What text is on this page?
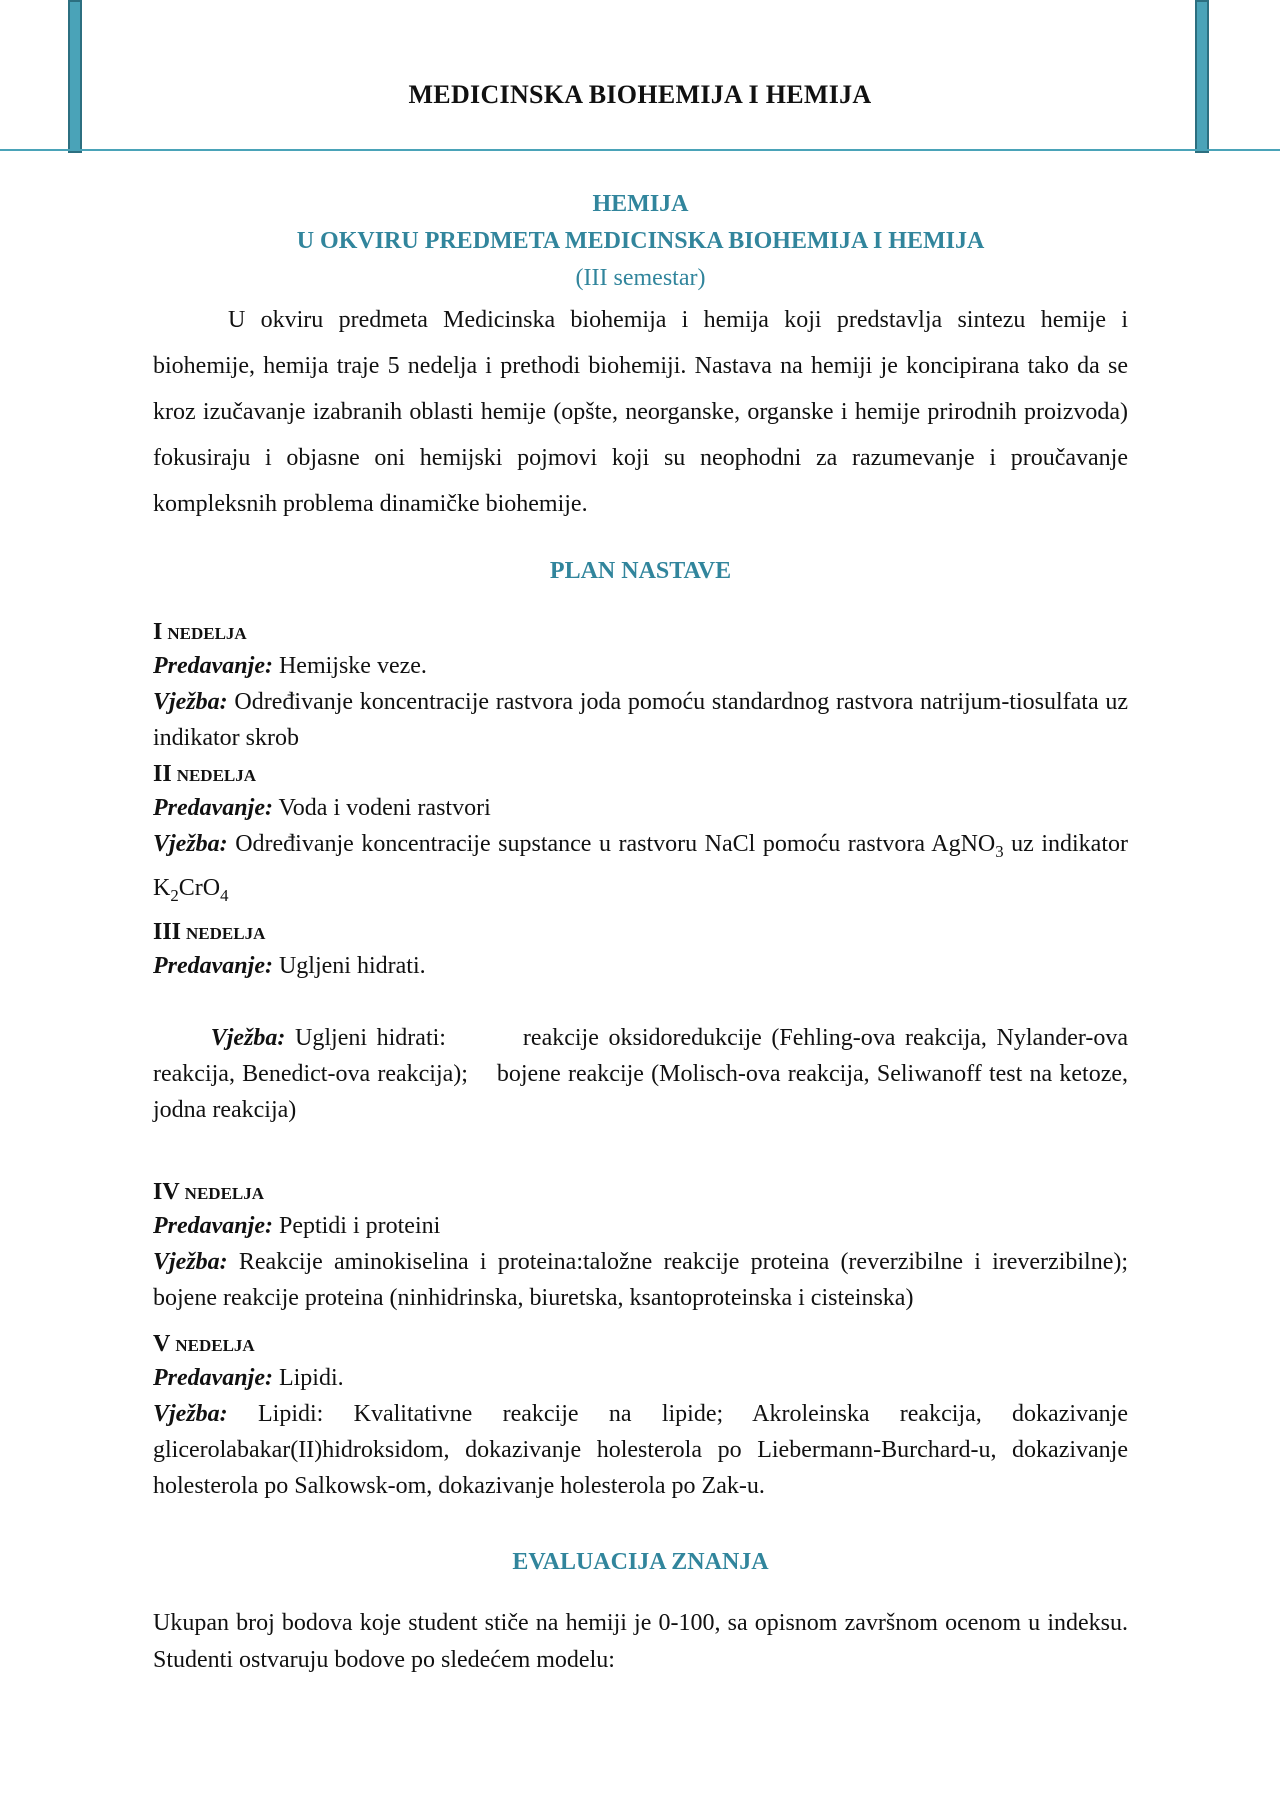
MEDICINSKA BIOHEMIJA I HEMIJA
HEMIJA
U OKVIRU PREDMETA MEDICINSKA BIOHEMIJA I HEMIJA
(III semestar)

U okviru predmeta Medicinska biohemija i hemija koji predstavlja sintezu hemije i biohemije, hemija traje 5 nedelja i prethodi biohemiji. Nastava na hemiji je koncipirana tako da se kroz izučavanje izabranih oblasti hemije (opšte, neorganske, organske i hemije prirodnih proizvoda) fokusiraju i objasne oni hemijski pojmovi koji su neophodni za razumevanje i proučavanje kompleksnih problema dinamičke biohemije.

PLAN NASTAVE
I NEDELJA

Predavanje: Hemijske veze.

Vježba: Određivanje koncentracije rastvora joda pomoću standardnog rastvora natrijum-tiosulfata uz indikator skrob

II NEDELJA

Predavanje: Voda i vodeni rastvori

Vježba: Određivanje koncentracije supstance u rastvoru NaCl pomoću rastvora AgNO$_3$ uz indikator $K_2CrO_4$

III NEDELJA

Predavanje: Ugljeni hidrati.

Vježba: Ugljeni hidrati:        reakcije oksidoredukcije (Fehling-ova reakcija, Nylander-ova reakcija, Benedict-ova reakcija);    bojene reakcije (Molisch-ova reakcija, Seliwanoff test na ketoze, jodna reakcija)

IV NEDELJA

Predavanje: Peptidi i proteini

Vježba: Reakcije aminokiselina i proteina:taložne reakcije proteina (reverzibilne i ireverzibilne); bojene reakcije proteina (ninhidrinska, biuretska, ksantoproteinska i cisteinska)

V NEDELJA

Predavanje: Lipidi.

Vježba: Lipidi: Kvalitativne reakcije na lipide; Akroleinska reakcija, dokazivanje glicerolabakar(II)hidroksidom, dokazivanje holesterola po Liebermann-Burchard-u, dokazivanje holesterola po Salkowsk-om, dokazivanje holesterola po Zak-u.

EVALUACIJA ZNANJA

Ukupan broj bodova koje student stiče na hemiji je 0-100, sa opisnom završnom ocenom u indeksu. Studenti ostvaruju bodove po sledećem modelu:
